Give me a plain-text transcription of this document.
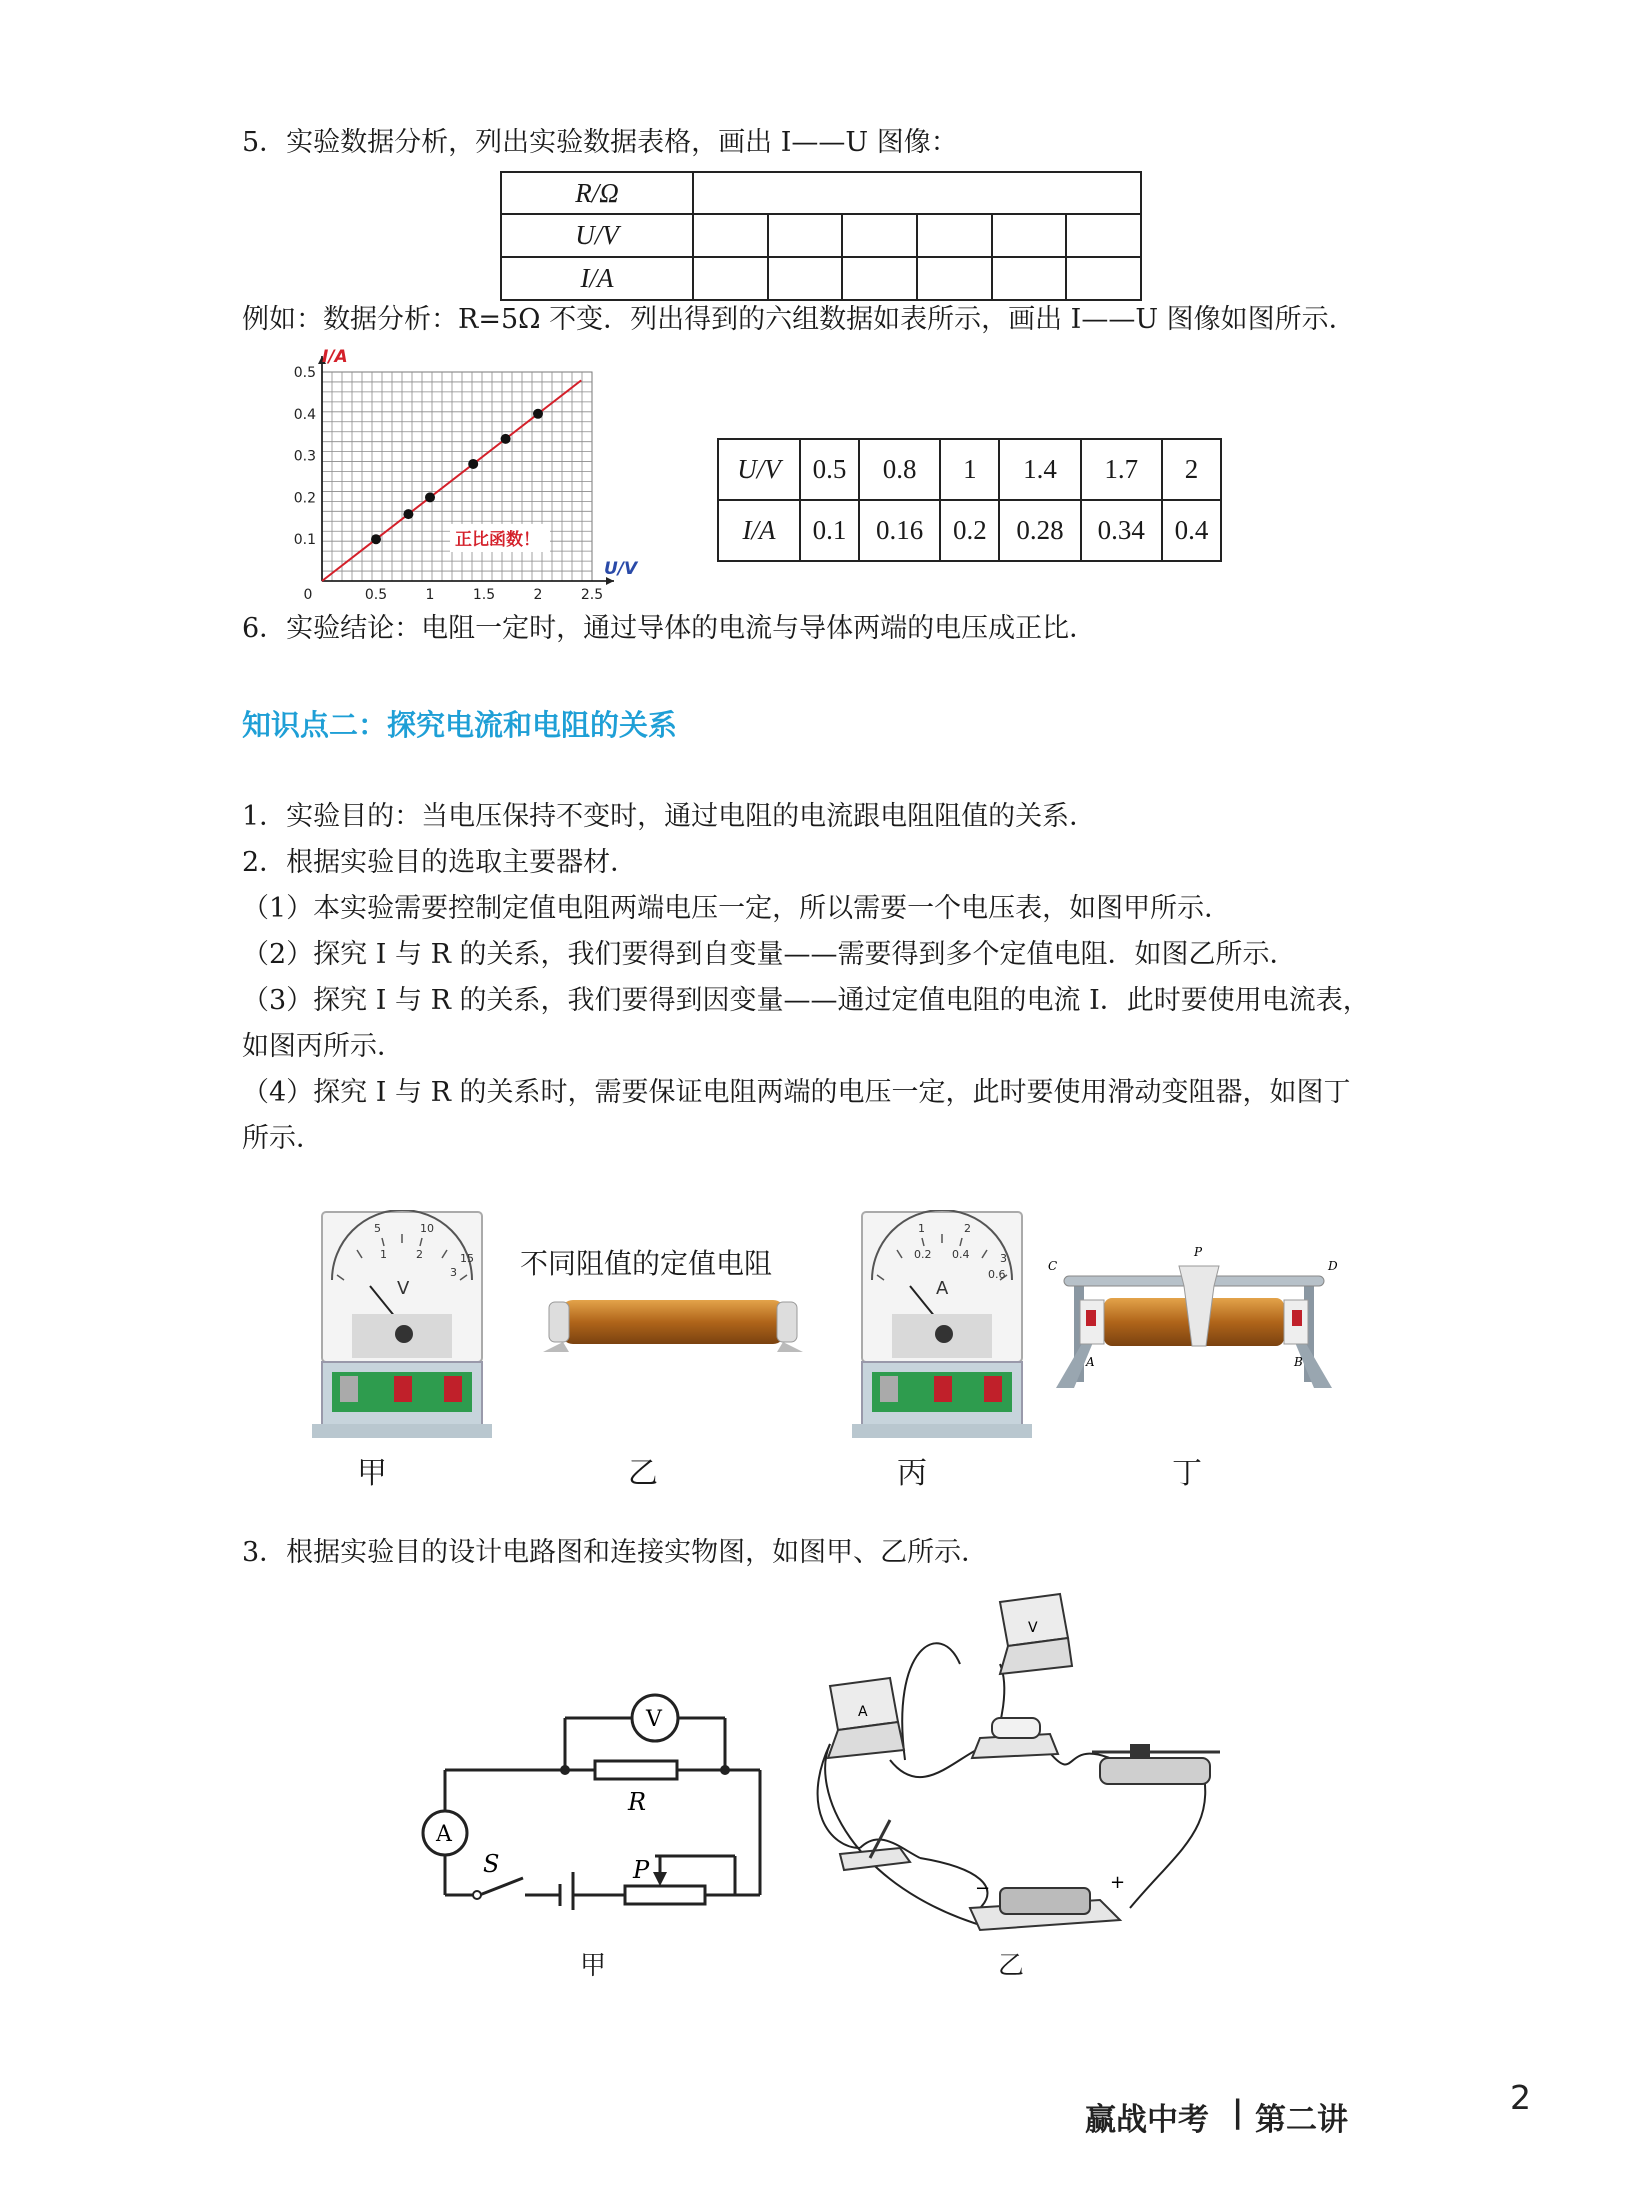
5．实验数据分析，列出实验数据表格，画出 I——U 图像：
R/Ω						
U/V						
I/A						
例如：数据分析：R=5Ω 不变．列出得到的六组数据如表所示，画出 I——U 图像如图所示．
0	0.5	1	1.5	2	2.5
0.1
0.2
0.3
0.4
0.5
I/A
U/V
正比函数！
U/V	0.5	0.8	1	1.4	1.7	2
I/A	0.1	0.16	0.2	0.28	0.34	0.4
6．实验结论：电阻一定时，通过导体的电流与导体两端的电压成正比．
知识点二：探究电流和电阻的关系
1．实验目的：当电压保持不变时，通过电阻的电流跟电阻阻值的关系．
2．根据实验目的选取主要器材．
（1）本实验需要控制定值电阻两端电压一定，所以需要一个电压表，如图甲所示．
（2）探究 I 与 R 的关系，我们要得到自变量——需要得到多个定值电阻．如图乙所示．
（3）探究 I 与 R 的关系，我们要得到因变量——通过定值电阻的电流 I．此时要使用电流表，
如图丙所示．
（4）探究 I 与 R 的关系时，需要保证电阻两端的电压一定，此时要使用滑动变阻器，如图丁
所示．
5	10
1	2	15
3
V
不同阻值的定值电阻
1	2
0.2 0.4	3
0.6
A
C	D
A	B
P
甲	乙	丙	丁
3．根据实验目的设计电路图和连接实物图，如图甲、乙所示．
V
A
R
S	P
甲
V
A
−	+
乙
赢战中考 | 第二讲
2
